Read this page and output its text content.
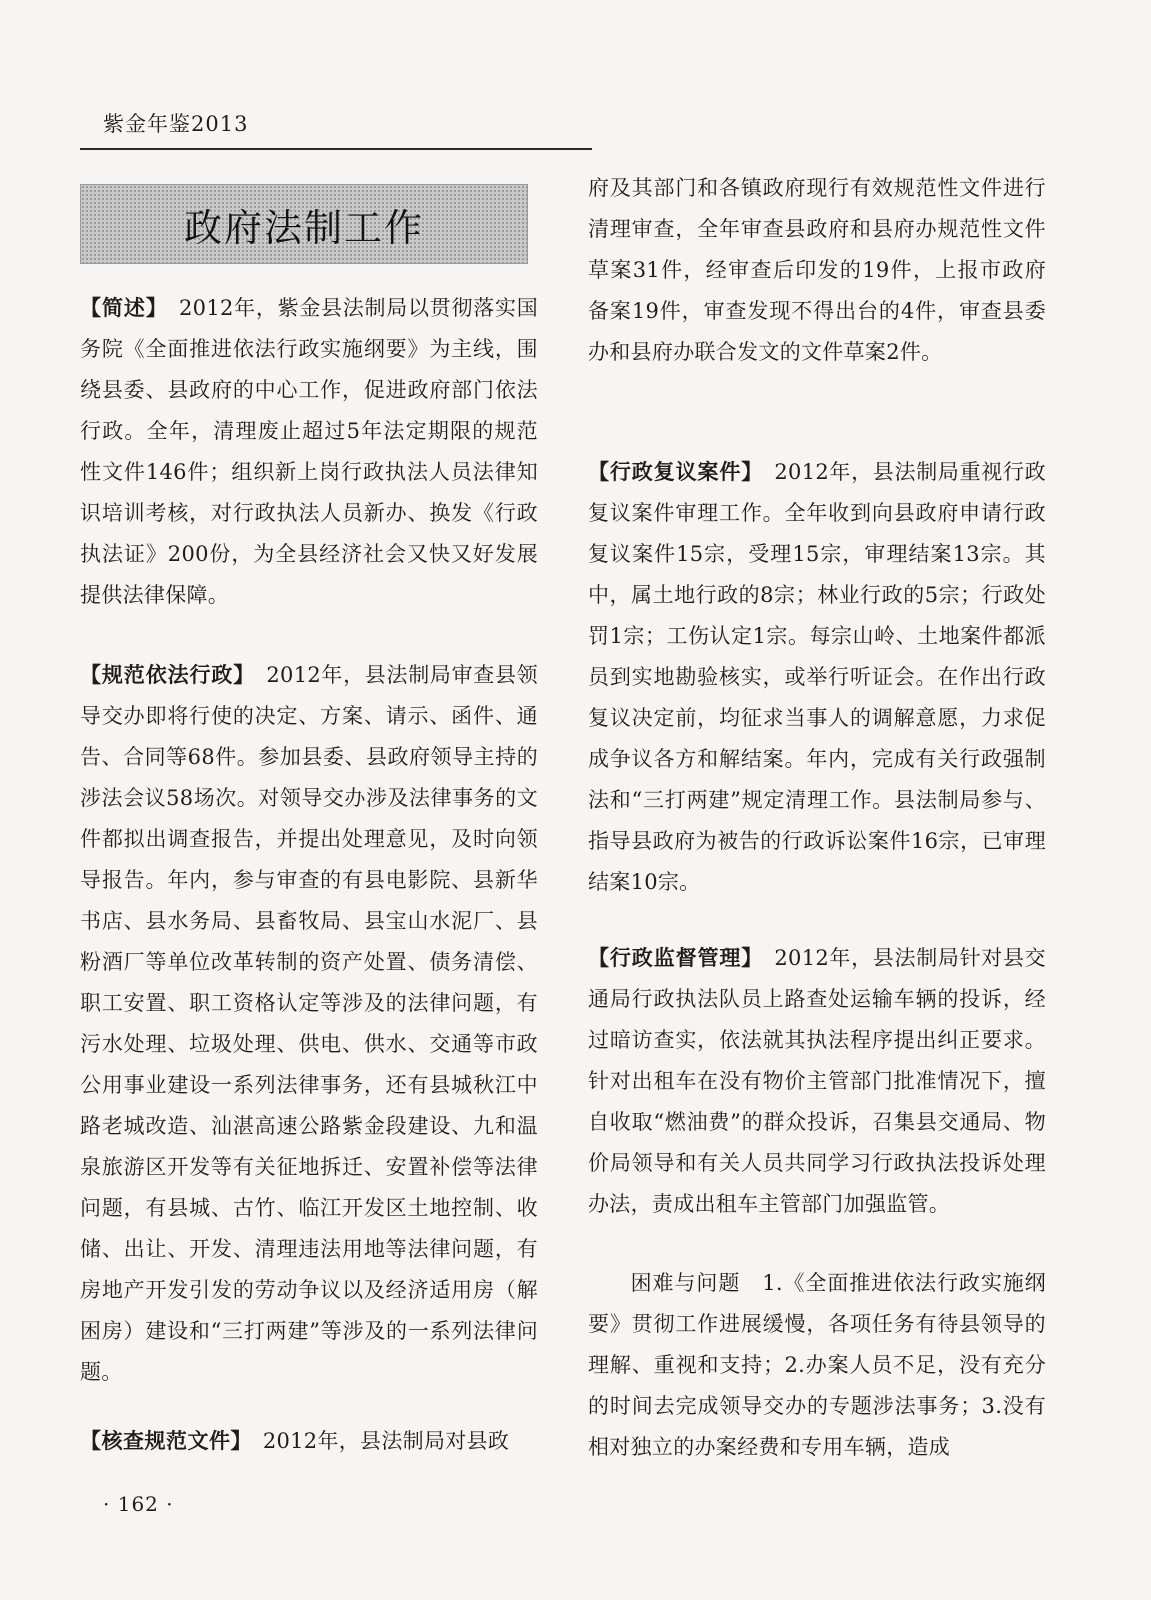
紫金年鉴2013
政府法制工作

【简述】　 2012年，紫金县法制局以贯彻落实国务院《全面推进依法行政实施纲要》为主线，围绕县委、县政府的中心工作，促进政府部门依法行政。全年，清理废止超过5年法定期限的规范性文件146件；组织新上岗行政执法人员法律知识培训考核，对行政执法人员新办、换发《行政执法证》200份，为全县经济社会又快又好发展提供法律保障。

【规范依法行政】　 2012年，县法制局审查县领导交办即将行使的决定、方案、请示、函件、通告、合同等68件。参加县委、县政府领导主持的涉法会议58场次。对领导交办涉及法律事务的文件都拟出调查报告，并提出处理意见，及时向领导报告。年内，参与审查的有县电影院、县新华书店、县水务局、县畜牧局、县宝山水泥厂、县粉酒厂等单位改革转制的资产处置、债务清偿、职工安置、职工资格认定等涉及的法律问题，有污水处理、垃圾处理、供电、供水、交通等市政公用事业建设一系列法律事务，还有县城秋江中路老城改造、汕湛高速公路紫金段建设、九和温泉旅游区开发等有关征地拆迁、安置补偿等法律问题，有县城、古竹、临江开发区土地控制、收储、出让、开发、清理违法用地等法律问题，有房地产开发引发的劳动争议以及经济适用房（解困房）建设和“三打两建”等涉及的一系列法律问题。

【核查规范文件】　 2012年，县法制局对县政

府及其部门和各镇政府现行有效规范性文件进行清理审查，全年审查县政府和县府办规范性文件草案31件，经审查后印发的19件，上报市政府备案19件，审查发现不得出台的4件，审查县委办和县府办联合发文的文件草案2件。

【行政复议案件】　 2012年，县法制局重视行政复议案件审理工作。全年收到向县政府申请行政复议案件15宗，受理15宗，审理结案13宗。其中，属土地行政的8宗；林业行政的5宗；行政处罚1宗；工伤认定1宗。每宗山岭、土地案件都派员到实地勘验核实，或举行听证会。在作出行政复议决定前，均征求当事人的调解意愿，力求促成争议各方和解结案。年内，完成有关行政强制法和“三打两建”规定清理工作。县法制局参与、指导县政府为被告的行政诉讼案件16宗，已审理结案10宗。

【行政监督管理】　 2012年，县法制局针对县交通局行政执法队员上路查处运输车辆的投诉，经过暗访查实，依法就其执法程序提出纠正要求。针对出租车在没有物价主管部门批准情况下，擅自收取“燃油费”的群众投诉，召集县交通局、物价局领导和有关人员共同学习行政执法投诉处理办法，责成出租车主管部门加强监管。

困难与问题　1.《全面推进依法行政实施纲要》贯彻工作进展缓慢，各项任务有待县领导的理解、重视和支持；2.办案人员不足，没有充分的时间去完成领导交办的专题涉法事务；3.没有相对独立的办案经费和专用车辆，造成

· 162 ·
